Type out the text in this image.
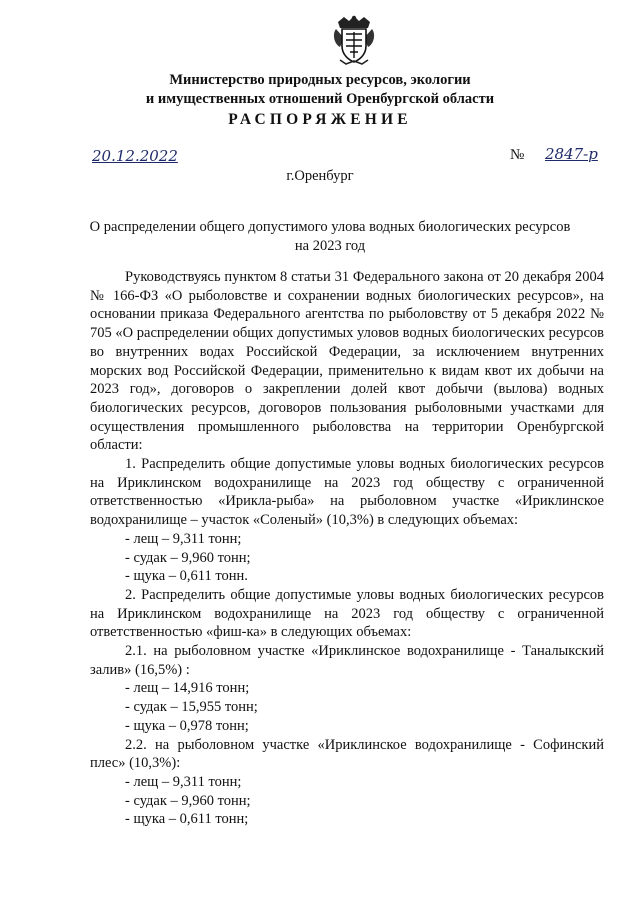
Министерство природных ресурсов, экологии
и имущественных отношений Оренбургской области
РАСПОРЯЖЕНИЕ
20.12.2022	№ 2847-р
г.Оренбург
О распределении общего допустимого улова водных биологических ресурсов
на 2023 год

Руководствуясь пунктом 8 статьи 31 Федерального закона от 20 декабря 2004 № 166-ФЗ «О рыболовстве и сохранении водных биологических ресурсов», на основании приказа Федерального агентства по рыболовству от 5 декабря 2022 № 705 «О распределении общих допустимых уловов водных биологических ресурсов во внутренних водах Российской Федерации, за исключением внутренних морских вод Российской Федерации, применительно к видам квот их добычи на 2023 год», договоров о закреплении долей квот добычи (вылова) водных биологических ресурсов, договоров пользования рыболовными участками для осуществления промышленного рыболовства на территории Оренбургской области:

1. Распределить общие допустимые уловы водных биологических ресурсов на Ириклинском водохранилище на 2023 год обществу с ограниченной ответственностью «Ирикла-рыба» на рыболовном участке «Ириклинское водохранилище – участок «Соленый» (10,3%) в следующих объемах:

- лещ – 9,311 тонн;

- судак – 9,960 тонн;

- щука – 0,611 тонн.

2. Распределить общие допустимые уловы водных биологических ресурсов на Ириклинском водохранилище на 2023 год обществу с ограниченной ответственностью «фиш-ка» в следующих объемах:

2.1. на рыболовном участке «Ириклинское водохранилище - Таналыкский залив» (16,5%) :

- лещ – 14,916 тонн;

- судак – 15,955 тонн;

- щука – 0,978 тонн;

2.2. на рыболовном участке «Ириклинское водохранилище - Софинский плес» (10,3%):

- лещ – 9,311 тонн;

- судак – 9,960 тонн;

- щука – 0,611 тонн;
